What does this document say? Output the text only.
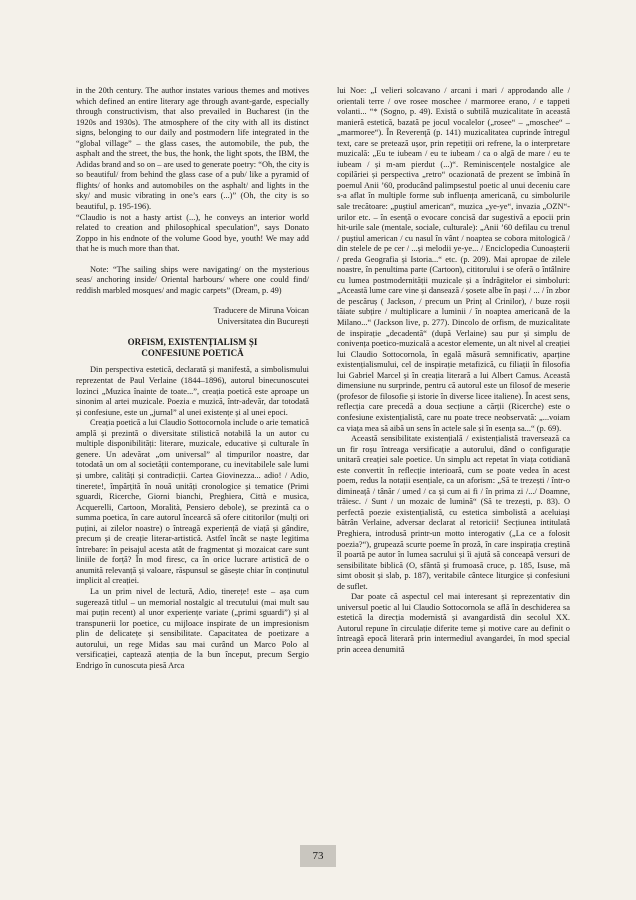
in the 20th century. The author instates various themes and motives which defined an entire literary age through avant-garde, especially through constructivism, that also prevailed in Bucharest (in the 1920s and 1930s). The atmosphere of the city with all its distinct signs, belonging to our daily and postmodern life integrated in the “global village” – the glass cases, the automobile, the pub, the asphalt and the street, the bus, the honk, the light spots, the IBM, the Adidas brand and so on – are used to generate poetry: “Oh, the city is so beautiful/ from behind the glass case of a pub/ like a pyramid of flights/ of honks and automobiles on the asphalt/ and lights in the sky/ and music vibrating in one’s ears (...)” (Oh, the city is so beautiful, p. 195-196).

“Claudio is not a hasty artist (...), he conveys an interior world related to creation and philosophical speculation”, says Donato Zoppo in his endnote of the volume Good bye, youth! We may add that he is much more than that.

Note: “The sailing ships were navigating/ on the mysterious seas/ anchoring inside/ Oriental harbours/ where one could find/ reddish marbled mosques/ and magic carpets” (Dream, p. 49)

Traducere de Miruna Voican

Universitatea din București

ORFISM, EXISTENȚIALISM ȘI

CONFESIUNE POETICĂ

Din perspectiva estetică, declarată și manifestă, a simbolismului reprezentat de Paul Verlaine (1844–1896), autorul binecunoscutei lozinci „Muzica înainte de toate...”, creația poetică este aproape un sinonim al artei muzicale. Poezia e muzică, într-adevăr, dar totodată și confesiune, este un „jurnal” al unei existențe și al unei epoci.

Creația poetică a lui Claudio Sottocornola include o arie tematică amplă și prezintă o diversitate stilistică notabilă la un autor cu multiple disponibilități: literare, muzicale, educative și culturale în genere. Un adevărat „om universal” al timpurilor noastre, dar totodată un om al societății contemporane, cu inevitabilele sale lumi și umbre, calități și contradicții. Cartea Giovinezza... adio! / Adio, tinerete!, împărțită în nouă unități cronologice și tematice (Primi sguardi, Ricerche, Giorni bianchi, Preghiera, Città e musica, Acquerelli, Cartoon, Moralità, Pensiero debole), se prezintă ca o summa poetica, în care autorul încearcă să ofere cititorilor (mulți ori puțini, ai zilelor noastre) o întreagă experiență de viață și gândire, precum și de creație literar-artistică. Astfel încât se naște legitima întrebare: în peisajul acesta atât de fragmentat și mozaicat care sunt liniile de forță? În mod firesc, ca în orice lucrare artistică de o anumită relevanță și valoare, răspunsul se găsește chiar în conținutul implicit al creației.

La un prim nivel de lectură, Adio, tinerețe! este – așa cum sugerează titlul – un memorial nostalgic al trecutului (mai mult sau mai puțin recent) al unor experiențe variate („primi sguardi”) și al transpunerii lor poetice, cu mijloace inspirate de un impresionism plin de delicatețe și sensibilitate. Capacitatea de poetizare a autorului, un rege Midas sau mai curând un Marco Polo al versificației, captează atenția de la bun început, precum Sergio Endrigo în cunoscuta piesă Arca

lui Noe: „I velieri solcavano / arcani i mari / approdando alle / orientali terre / ove rosee moschee / marmoree erano, / e tappeti volanti... “* (Sogno, p. 49). Există o subtilă muzicalitate în această manieră estetică, bazată pe jocul vocalelor („rosee“ – „moschee“ – „marmoree“). În Reverenţă (p. 141) muzicalitatea cuprinde întregul text, care se pretează ușor, prin repetiții ori refrene, la o interpretare muzicală: „Eu te iubeam / eu te iubeam / ca o algă de mare / eu te iubeam / și m-am pierdut (...)“. Reminiscențele nostalgice ale copilăriei și perspectiva „retro“ ocazionată de prezent se îmbină în poemul Anii ’60, producând palimpsestul poetic al unui deceniu care s-a aflat în multiple forme sub influența americană, cu simbolurile sale trecătoare: „puștiul american“, muzica „ye-ye“, invazia „OZN“-urilor etc. – în esență o evocare concisă dar sugestivă a epocii prin hit-urile sale (mentale, sociale, culturale): „Anii ’60 defilau cu trenul / puștiul american / cu nasul în vânt / noaptea se cobora mitologică / din stelele de pe cer / ...și melodii ye-ye... / Enciclopedia Cunoașterii / preda Geografia și Istoria...“ etc. (p. 209). Mai apropae de zilele noastre, în penultima parte (Cartoon), cititorului i se oferă o întâlnire cu lumea postmodernității muzicale și a îndrăgitelor ei simboluri: „Această lume care vine și dansează / șosete albe în pași / ... / în zbor de pescăruș ( Jackson, / precum un Prinț al Crinilor), / buze roșii tăiate subțire / multiplicare a luminii / în noaptea americană de la Milano...“ (Jackson live, p. 277). Dincolo de orfism, de muzicalitate de inspirație „decadentă“ (după Verlaine) sau pur și simplu de conivența poetico-muzicală a acestor elemente, un alt nivel al creației lui Claudio Sottocornola, în egală măsură semnificativ, aparține existențialismului, cel de inspirație metafizică, cu filiații în filosofia lui Gabriel Marcel și în creația literară a lui Albert Camus. Această dimensiune nu surprinde, pentru că autorul este un filosof de meserie (profesor de filosofie și istorie în diverse licee italiene). În acest sens, reflecția care precedă a doua secțiune a cărții (Ricerche) este o confesiune existențialistă, care nu poate trece neobservată: „...voiam ca viața mea să aibă un sens în actele sale și în esența sa...“ (p. 69).

Această sensibilitate existențială / existențialistă traversează ca un fir roșu întreaga versificație a autorului, dând o configurație unitară creației sale poetice. Un simplu act repetat în viața cotidiană este convertit în reflecție interioară, cum se poate vedea în acest poem, redus la notații esențiale, ca un aforism: „Să te trezești / într-o dimineață / tânăr / umed / ca și cum ai fi / în prima zi /.../ Doamne, trăiesc. / Sunt / un mozaic de lumină“ (Să te trezești, p. 83). O perfectă poezie existențialistă, cu estetica simbolistă a aceluiași bătrân Verlaine, adversar declarat al retoricii! Secțiunea intitulată Preghiera, introdusă printr-un motto interogativ („La ce a folosit poezia?“), grupează scurte poeme în proză, în care inspirația creștină îl poartă pe autor în lumea sacrului și îi ajută să conceapă versuri de sensibilitate biblică (O, sfântă și frumoasă cruce, p. 185, Isuse, mă simt obosit și slab, p. 187), veritabile cântece liturgice și confesiuni de suflet.

Dar poate că aspectul cel mai interesant și reprezentativ din universul poetic al lui Claudio Sottocornola se află în deschiderea sa estetică la direcția modernistă și avangardistă din secolul XX. Autorul repune în circulație diferite teme și motive care au definit o întreagă epocă literară prin intermediul avangardei, în mod special prin aceea denumită

73
